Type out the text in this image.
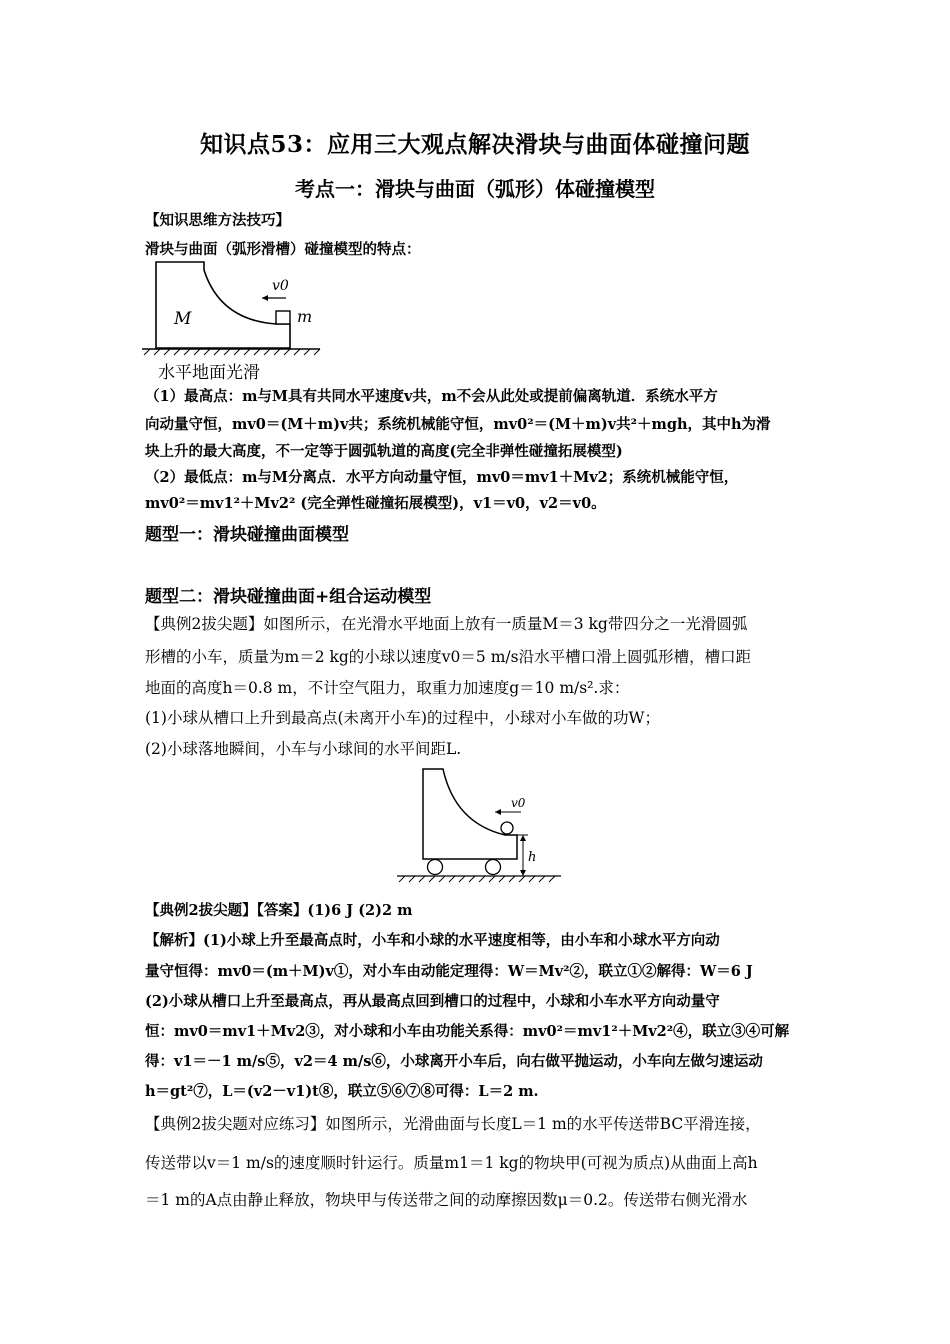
知识点53：应用三大观点解决滑块与曲面体碰撞问题
考点一：滑块与曲面（弧形）体碰撞模型
【知识思维方法技巧】
滑块与曲面（弧形滑槽）碰撞模型的特点：
v0
M	m
水平地面光滑
（1）最高点：m与M具有共同水平速度v共，m不会从此处或提前偏离轨道．系统水平方
向动量守恒，mv0＝(M＋m)v共；系统机械能守恒，mv0²＝(M＋m)v共²＋mgh，其中h为滑
块上升的最大高度，不一定等于圆弧轨道的高度(完全非弹性碰撞拓展模型)
（2）最低点：m与M分离点．水平方向动量守恒，mv0＝mv1＋Mv2；系统机械能守恒，
mv0²＝mv1²＋Mv2² (完全弹性碰撞拓展模型)，v1＝v0，v2＝v0。
题型一：滑块碰撞曲面模型
题型二：滑块碰撞曲面+组合运动模型
【典例2拔尖题】如图所示，在光滑水平地面上放有一质量M＝3 kg带四分之一光滑圆弧
形槽的小车，质量为m＝2 kg的小球以速度v0＝5 m/s沿水平槽口滑上圆弧形槽，槽口距
地面的高度h＝0.8 m，不计空气阻力，取重力加速度g＝10 m/s².求：
(1)小球从槽口上升到最高点(未离开小车)的过程中，小球对小车做的功W；
(2)小球落地瞬间，小车与小球间的水平间距L.
v0
h
【典例2拔尖题】【答案】(1)6 J (2)2 m
【解析】(1)小球上升至最高点时，小车和小球的水平速度相等，由小车和小球水平方向动
量守恒得：mv0＝(m＋M)v①，对小车由动能定理得：W＝Mv²②，联立①②解得：W＝6 J
(2)小球从槽口上升至最高点，再从最高点回到槽口的过程中，小球和小车水平方向动量守
恒：mv0＝mv1＋Mv2③，对小球和小车由功能关系得：mv0²＝mv1²＋Mv2²④，联立③④可解
得：v1＝－1 m/s⑤，v2＝4 m/s⑥，小球离开小车后，向右做平抛运动，小车向左做匀速运动
h＝gt²⑦，L＝(v2－v1)t⑧，联立⑤⑥⑦⑧可得：L＝2 m.
【典例2拔尖题对应练习】如图所示，光滑曲面与长度L＝1 m的水平传送带BC平滑连接，
传送带以v＝1 m/s的速度顺时针运行。质量m1＝1 kg的物块甲(可视为质点)从曲面上高h
＝1 m的A点由静止释放，物块甲与传送带之间的动摩擦因数μ＝0.2。传送带右侧光滑水
